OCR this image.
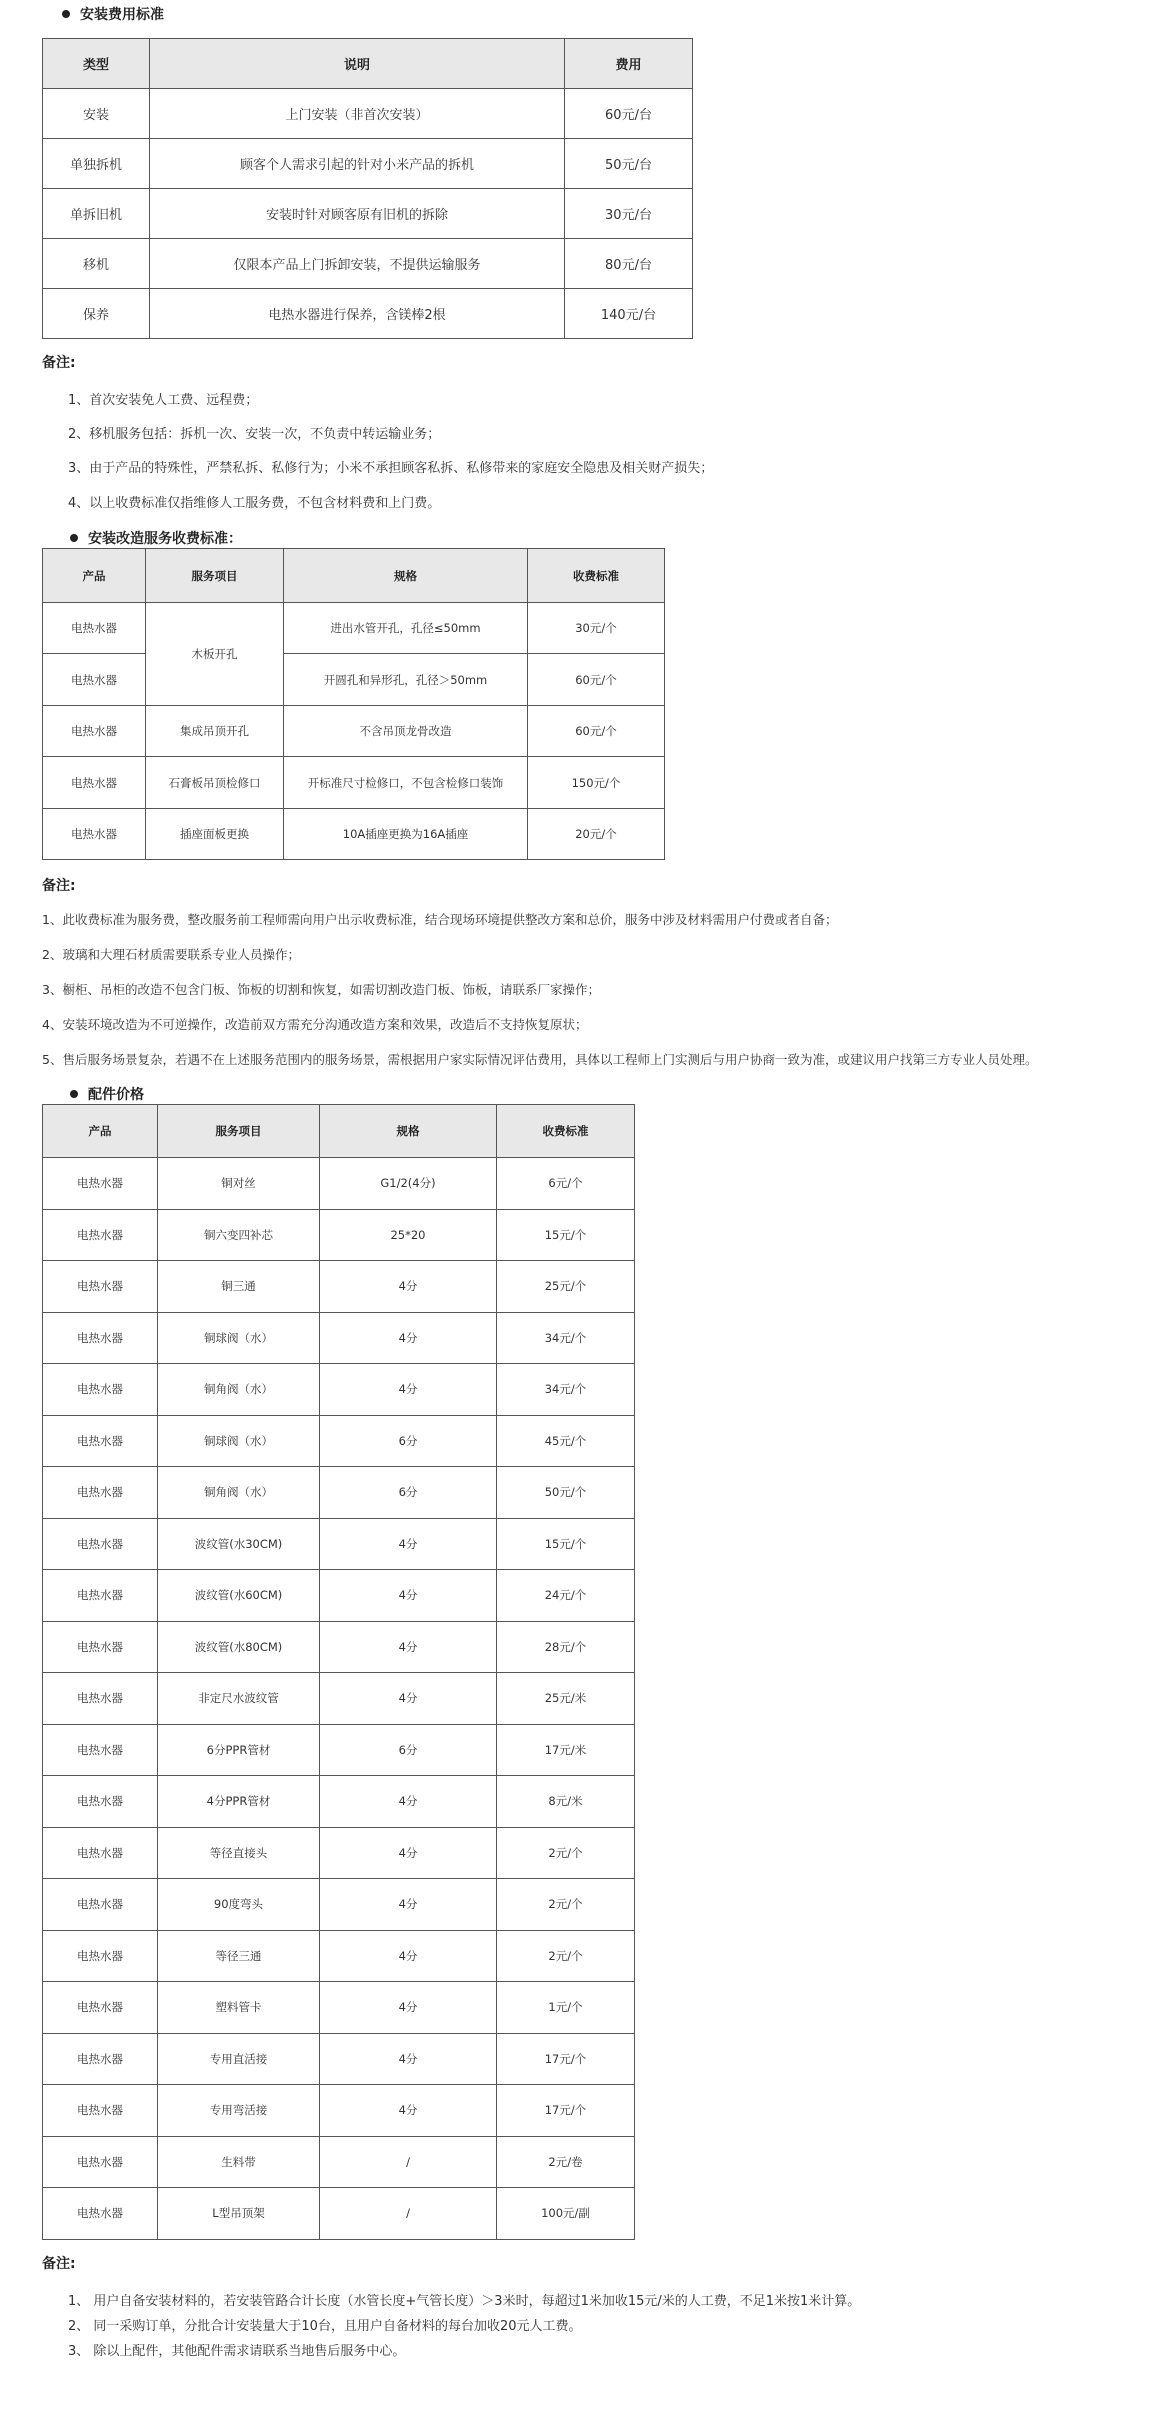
安装费用标准
类型	说明	费用
安装	上门安装（非首次安装）	60元/台
单独拆机	顾客个人需求引起的针对小米产品的拆机	50元/台
单拆旧机	安装时针对顾客原有旧机的拆除	30元/台
移机	仅限本产品上门拆卸安装，不提供运输服务	80元/台
保养	电热水器进行保养，含镁棒2根	140元/台
备注:
1、首次安装免人工费、远程费；
2、移机服务包括：拆机一次、安装一次，不负责中转运输业务；
3、由于产品的特殊性，严禁私拆、私修行为；小米不承担顾客私拆、私修带来的家庭安全隐患及相关财产损失；
4、以上收费标准仅指维修人工服务费，不包含材料费和上门费。
安装改造服务收费标准：
产品	服务项目	规格	收费标准
电热水器	木板开孔	进出水管开孔，孔径≤50mm	30元/个
电热水器		开圆孔和异形孔，孔径＞50mm	60元/个
电热水器	集成吊顶开孔	不含吊顶龙骨改造	60元/个
电热水器	石膏板吊顶检修口	开标准尺寸检修口，不包含检修口装饰	150元/个
电热水器	插座面板更换	10A插座更换为16A插座	20元/个
备注:
1、此收费标准为服务费，整改服务前工程师需向用户出示收费标准，结合现场环境提供整改方案和总价，服务中涉及材料需用户付费或者自备；
2、玻璃和大理石材质需要联系专业人员操作；
3、橱柜、吊柜的改造不包含门板、饰板的切割和恢复，如需切割改造门板、饰板，请联系厂家操作；
4、安装环境改造为不可逆操作，改造前双方需充分沟通改造方案和效果，改造后不支持恢复原状；
5、售后服务场景复杂，若遇不在上述服务范围内的服务场景，需根据用户家实际情况评估费用，具体以工程师上门实测后与用户协商一致为准，或建议用户找第三方专业人员处理。
配件价格
产品	服务项目	规格	收费标准
电热水器	铜对丝	G1/2(4分)	6元/个
电热水器	铜六变四补芯	25*20	15元/个
电热水器	铜三通	4分	25元/个
电热水器	铜球阀（水）	4分	34元/个
电热水器	铜角阀（水）	4分	34元/个
电热水器	铜球阀（水）	6分	45元/个
电热水器	铜角阀（水）	6分	50元/个
电热水器	波纹管(水30CM)	4分	15元/个
电热水器	波纹管(水60CM)	4分	24元/个
电热水器	波纹管(水80CM)	4分	28元/个
电热水器	非定尺水波纹管	4分	25元/米
电热水器	6分PPR管材	6分	17元/米
电热水器	4分PPR管材	4分	8元/米
电热水器	等径直接头	4分	2元/个
电热水器	90度弯头	4分	2元/个
电热水器	等径三通	4分	2元/个
电热水器	塑料管卡	4分	1元/个
电热水器	专用直活接	4分	17元/个
电热水器	专用弯活接	4分	17元/个
电热水器	生料带	/	2元/卷
电热水器	L型吊顶架	/	100元/副
备注:
1、 用户自备安装材料的，若安装管路合计长度（水管长度+气管长度）＞3米时，每超过1米加收15元/米的人工费，不足1米按1米计算。
2、 同一采购订单，分批合计安装量大于10台，且用户自备材料的每台加收20元人工费。
3、 除以上配件，其他配件需求请联系当地售后服务中心。
